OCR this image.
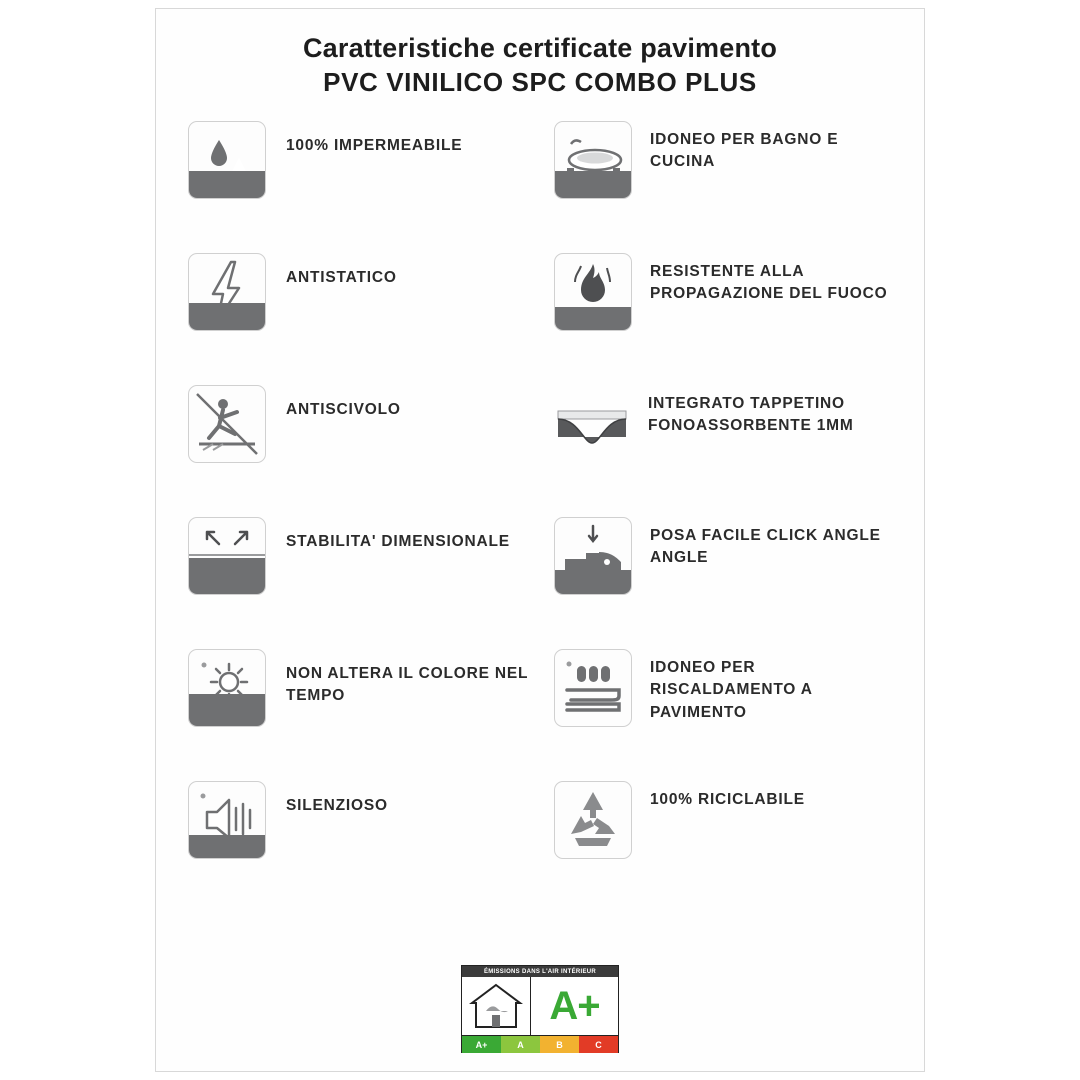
Caratteristiche certificate pavimento
PVC VINILICO SPC COMBO PLUS
100% IMPERMEABILE	IDONEO PER BAGNO E CUCINA
ANTISTATICO	RESISTENTE ALLA PROPAGAZIONE DEL FUOCO
ANTISCIVOLO	INTEGRATO TAPPETINO FONOASSORBENTE 1MM
STABILITA' DIMENSIONALE	POSA FACILE CLICK ANGLE ANGLE
NON ALTERA IL COLORE NEL TEMPO
IDONEO PER RISCALDAMENTO A PAVIMENTO
SILENZIOSO	100% RICICLABILE
ÉMISSIONS DANS L'AIR INTÉRIEUR
A+
A+	A	B	C
